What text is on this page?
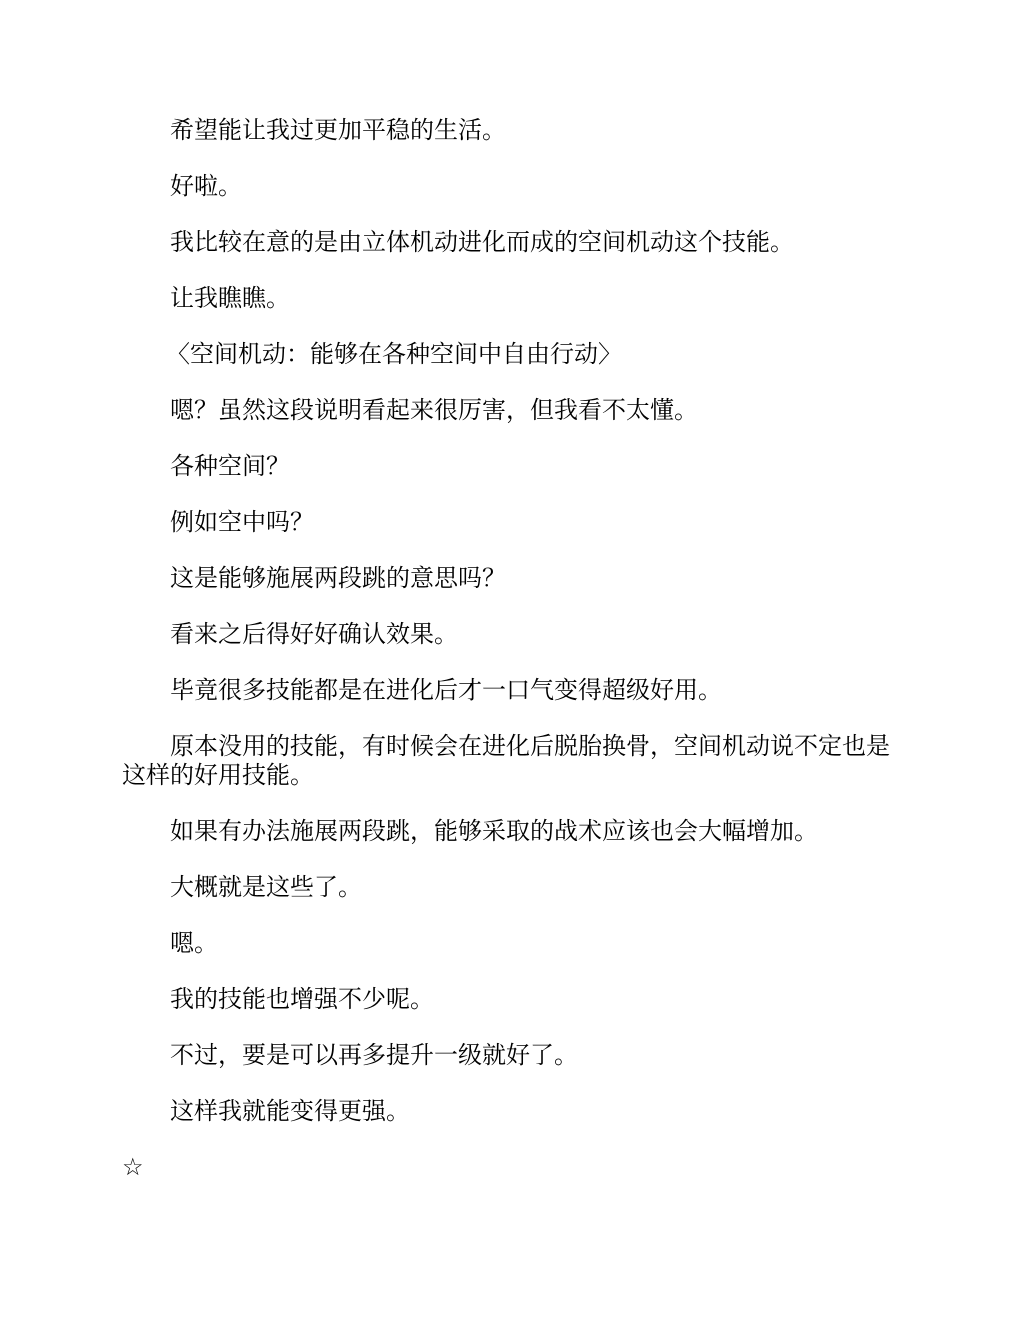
希望能让我过更加平稳的生活。

好啦。

我比较在意的是由立体机动进化而成的空间机动这个技能。

让我瞧瞧。

〈空间机动：能够在各种空间中自由行动〉

嗯？虽然这段说明看起来很厉害，但我看不太懂。

各种空间？

例如空中吗？

这是能够施展两段跳的意思吗？

看来之后得好好确认效果。

毕竟很多技能都是在进化后才一口气变得超级好用。

原本没用的技能，有时候会在进化后脱胎换骨，空间机动说不定也是这样的好用技能。

如果有办法施展两段跳，能够采取的战术应该也会大幅增加。

大概就是这些了。

嗯。

我的技能也增强不少呢。

不过，要是可以再多提升一级就好了。

这样我就能变得更强。

☆
